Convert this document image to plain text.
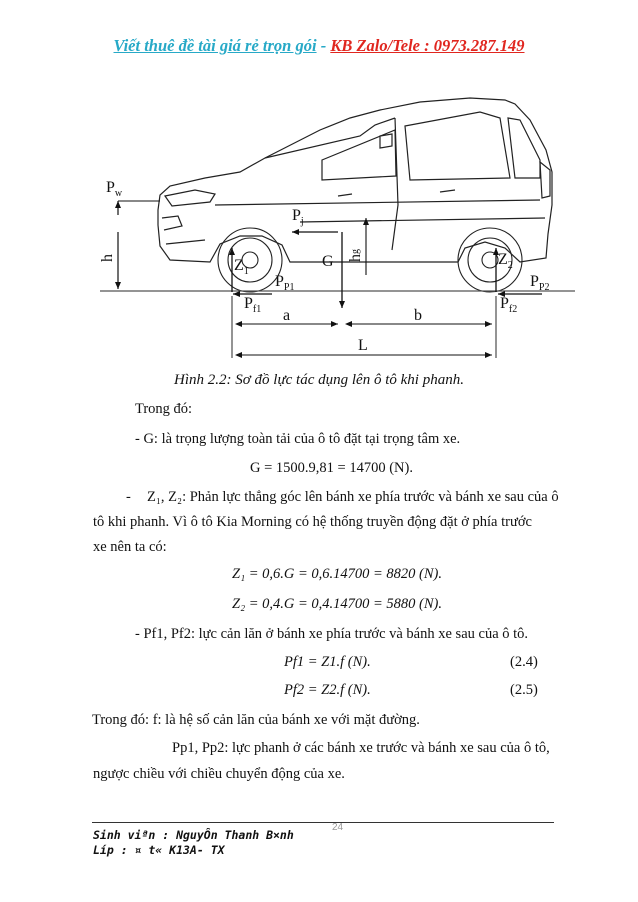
Viết thuê đề tài giá rẻ trọn gói - KB Zalo/Tele : 0973.287.149
$P_w$
h
$P_j$
hg
$Z_1$
G	$Z_2$
$P_{P1}$	$P_{P2}$
$P_{f1}$	$P_{f2}$
a	b
L
Hình 2.2: Sơ đồ lực tác dụng lên ô tô khi phanh.
Trong đó:
- G: là trọng lượng toàn tải của ô tô đặt tại trọng tâm xe.
G = 1500.9,81 = 14700 (N).
- Z₁, Z₂: Phản lực thẳng góc lên bánh xe phía trước và bánh xe sau của ô
tô khi phanh. Vì ô tô Kia Morning có hệ thống truyền động đặt ở phía trước
xe nên ta có:
Z₁ = 0,6.G = 0,6.14700 = 8820 (N).
Z₂ = 0,4.G = 0,4.14700 = 5880 (N).
- Pf1, Pf2: lực cản lăn ở bánh xe phía trước và bánh xe sau của ô tô.
Pf1 = Z1.f (N).	(2.4)
Pf2 = Z2.f (N).	(2.5)
Trong đó: f: là hệ số cản lăn của bánh xe với mặt đường.
Pp1, Pp2: lực phanh ở các bánh xe trước và bánh xe sau của ô tô,
ngược chiều với chiều chuyển động của xe.
Sinh viªn : NguyÔn Thanh B×nh
24
Líp : ¤ t« K13A- TX
